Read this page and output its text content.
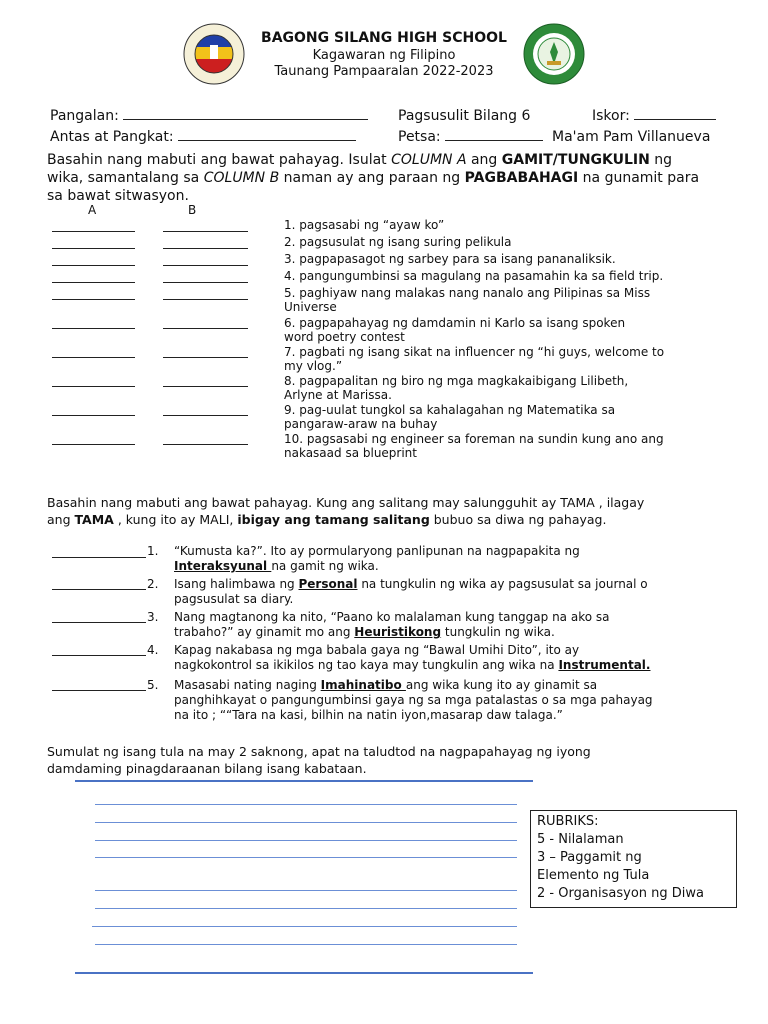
BAGONG SILANG HIGH SCHOOL
Kagawaran ng Filipino
Taunang Pampaaralan 2022-2023
Pangalan:	Pagsusulit Bilang 6	Iskor:
Antas at Pangkat:	Petsa:	Ma'am Pam Villanueva
Basahin nang mabuti ang bawat pahayag. Isulat COLUMN A ang GAMIT/TUNGKULIN ng
wika, samantalang sa COLUMN B naman ay ang paraan ng PAGBABAHAGI na gunamit para
sa bawat sitwasyon.
A	B
1. pagsasabi ng “ayaw ko”
2. pagsusulat ng isang suring pelikula
3. pagpapasagot ng sarbey para sa isang pananaliksik.
4. pangungumbinsi sa magulang na pasamahin ka sa field trip.
5. paghiyaw nang malakas nang nanalo ang Pilipinas sa Miss
Universe
6. pagpapahayag ng damdamin ni Karlo sa isang spoken
word poetry contest
7. pagbati ng isang sikat na influencer ng “hi guys, welcome to
my vlog.”
8. pagpapalitan ng biro ng mga magkakaibigang Lilibeth,
Arlyne at Marissa.
9. pag-uulat tungkol sa kahalagahan ng Matematika sa
pangaraw-araw na buhay
10. pagsasabi ng engineer sa foreman na sundin kung ano ang
nakasaad sa blueprint
Basahin nang mabuti ang bawat pahayag. Kung ang salitang may salungguhit ay TAMA , ilagay
ang TAMA , kung ito ay MALI, ibigay ang tamang salitang bubuo sa diwa ng pahayag.
1. “Kumusta ka?”. Ito ay pormularyong panlipunan na nagpapakita ng
Interaksyunal na gamit ng wika.
2. Isang halimbawa ng Personal na tungkulin ng wika ay pagsusulat sa journal o
pagsusulat sa diary.
3. Nang magtanong ka nito, “Paano ko malalaman kung tanggap na ako sa
trabaho?” ay ginamit mo ang Heuristikong tungkulin ng wika.
4. Kapag nakabasa ng mga babala gaya ng “Bawal Umihi Dito”, ito ay
nagkokontrol sa ikikilos ng tao kaya may tungkulin ang wika na Instrumental.
5. Masasabi nating naging Imahinatibo ang wika kung ito ay ginamit sa
panghihkayat o pangungumbinsi gaya ng sa mga patalastas o sa mga pahayag
na ito ; ““Tara na kasi, bilhin na natin iyon,masarap daw talaga.”
Sumulat ng isang tula na may 2 saknong, apat na taludtod na nagpapahayag ng iyong
damdaming pinagdaraanan bilang isang kabataan.
RUBRIKS:
5 - Nilalaman
3 – Paggamit ng
Elemento ng Tula
2 - Organisasyon ng Diwa
